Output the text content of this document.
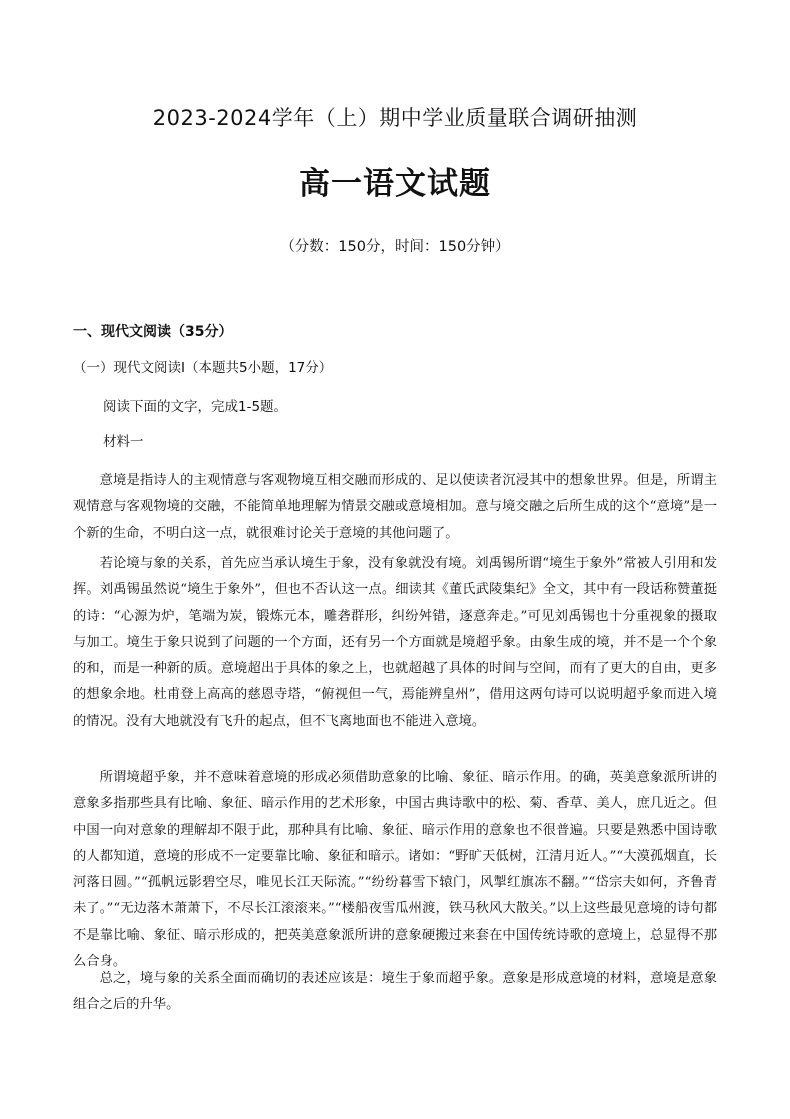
2023-2024学年（上）期中学业质量联合调研抽测
高一语文试题
（分数：150分，时间：150分钟）
一、现代文阅读（35分）
（一）现代文阅读Ⅰ（本题共5小题，17分）
阅读下面的文字，完成1-5题。
材料一

意境是指诗人的主观情意与客观物境互相交融而形成的、足以使读者沉浸其中的想象世界。但是，所谓主观情意与客观物境的交融，不能简单地理解为情景交融或意境相加。意与境交融之后所生成的这个“意境”是一个新的生命，不明白这一点，就很难讨论关于意境的其他问题了。

若论境与象的关系，首先应当承认境生于象，没有象就没有境。刘禹锡所谓“境生于象外”常被人引用和发挥。刘禹锡虽然说“境生于象外”，但也不否认这一点。细读其《董氏武陵集纪》全文，其中有一段话称赞董挺的诗：“心源为炉，笔端为炭，锻炼元本，雕砻群形，纠纷舛错，逐意奔走。”可见刘禹锡也十分重视象的摄取与加工。境生于象只说到了问题的一个方面，还有另一个方面就是境超乎象。由象生成的境，并不是一个个象的和，而是一种新的质。意境超出于具体的象之上，也就超越了具体的时间与空间，而有了更大的自由，更多的想象余地。杜甫登上高高的慈恩寺塔，“俯视但一气，焉能辨皇州”，借用这两句诗可以说明超乎象而进入境的情况。没有大地就没有飞升的起点，但不飞离地面也不能进入意境。

所谓境超乎象，并不意味着意境的形成必须借助意象的比喻、象征、暗示作用。的确，英美意象派所讲的意象多指那些具有比喻、象征、暗示作用的艺术形象，中国古典诗歌中的松、菊、香草、美人，庶几近之。但中国一向对意象的理解却不限于此，那种具有比喻、象征、暗示作用的意象也不很普遍。只要是熟悉中国诗歌的人都知道，意境的形成不一定要靠比喻、象征和暗示。诸如：“野旷天低树，江清月近人。”“大漠孤烟直，长河落日圆。”“孤帆远影碧空尽，唯见长江天际流。”“纷纷暮雪下辕门，风掣红旗冻不翻。”“岱宗夫如何，齐鲁青未了。”“无边落木萧萧下，不尽长江滚滚来。”“楼船夜雪瓜州渡，铁马秋风大散关。”以上这些最见意境的诗句都不是靠比喻、象征、暗示形成的，把英美意象派所讲的意象硬搬过来套在中国传统诗歌的意境上，总显得不那么合身。

总之，境与象的关系全面而确切的表述应该是：境生于象而超乎象。意象是形成意境的材料，意境是意象组合之后的升华。
